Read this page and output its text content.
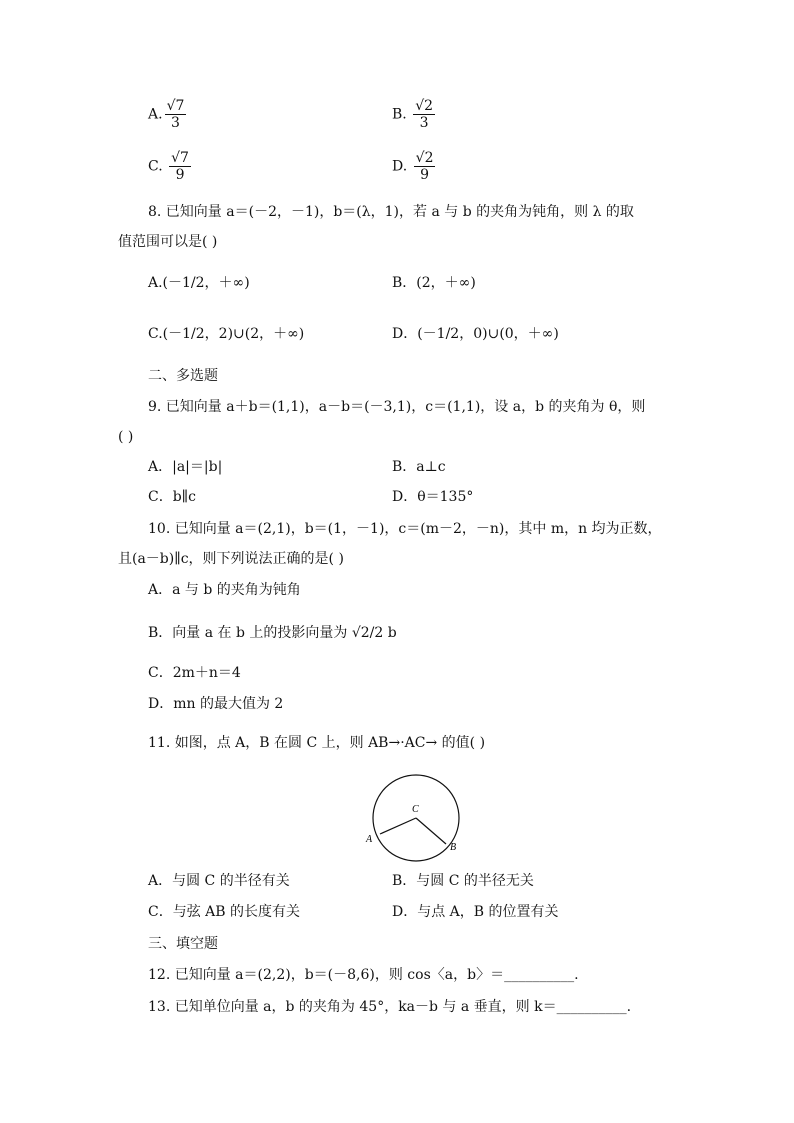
A. $\frac{√7}{3}$	B. $\frac{√2}{3}$
C. $\frac{√7}{9}$	D. $\frac{√2}{9}$
8. 已知向量 a＝(－2，－1)，b＝(λ，1)，若 a 与 b 的夹角为钝角，则 λ 的取
值范围可以是( )
A.(－1/2，＋∞)	B．(2，＋∞)
C.(－1/2，2)∪(2，＋∞)	D．(－1/2，0)∪(0，＋∞)
二、多选题
9. 已知向量 a＋b＝(1,1)，a－b＝(－3,1)，c＝(1,1)，设 a，b 的夹角为 θ，则
( )
A．|a|＝|b|	B．a⊥c
C．b∥c	D．θ＝135°
10. 已知向量 a＝(2,1)，b＝(1，－1)，c＝(m－2，－n)，其中 m，n 均为正数，
且(a－b)∥c，则下列说法正确的是( )
A．a 与 b 的夹角为钝角
B．向量 a 在 b 上的投影向量为 √2/2 b
C．2m＋n＝4
D．mn 的最大值为 2
11. 如图，点 A，B 在圆 C 上，则 AB→·AC→ 的值( )
C
A
B
A．与圆 C 的半径有关	B．与圆 C 的半径无关
C．与弦 AB 的长度有关	D．与点 A，B 的位置有关
三、填空题
12. 已知向量 a＝(2,2)，b＝(－8,6)，则 cos〈a，b〉＝__________.
13. 已知单位向量 a，b 的夹角为 45°，ka－b 与 a 垂直，则 k＝__________.
